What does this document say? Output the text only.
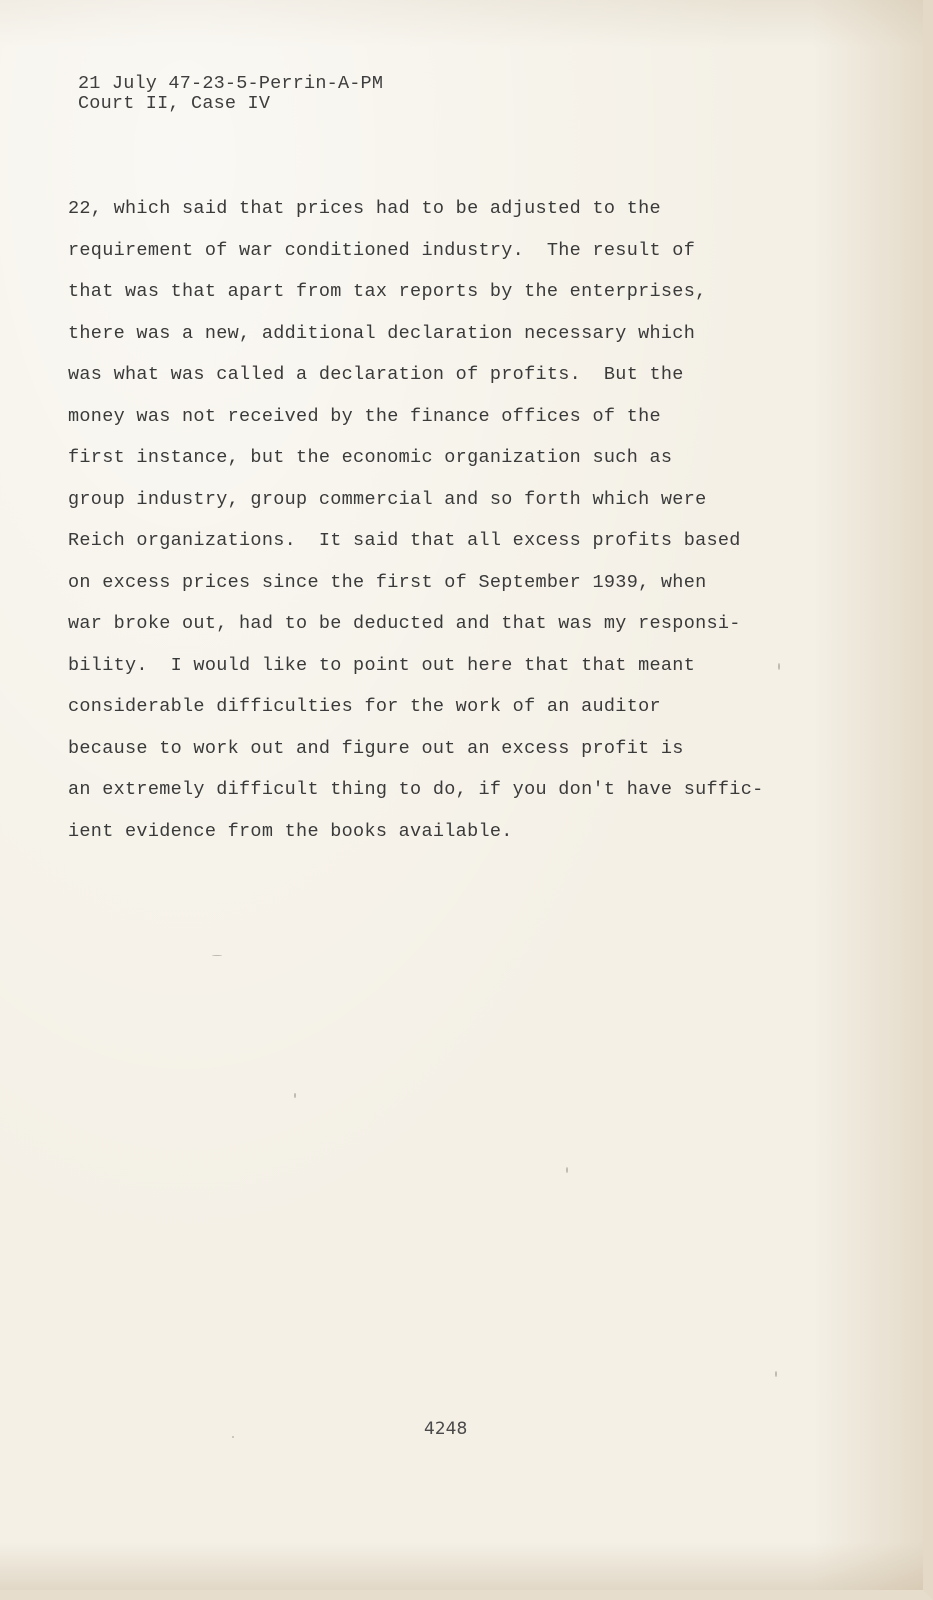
21 July 47-23-5-Perrin-A-PM
Court II, Case IV
22, which said that prices had to be adjusted to the
requirement of war conditioned industry.  The result of
that was that apart from tax reports by the enterprises,
there was a new, additional declaration necessary which
was what was called a declaration of profits.  But the
money was not received by the finance offices of the
first instance, but the economic organization such as
group industry, group commercial and so forth which were
Reich organizations.  It said that all excess profits based
on excess prices since the first of September 1939, when
war broke out, had to be deducted and that was my responsi-
bility.  I would like to point out here that that meant
considerable difficulties for the work of an auditor
because to work out and figure out an excess profit is
an extremely difficult thing to do, if you don't have suffic-
ient evidence from the books available.
4248
